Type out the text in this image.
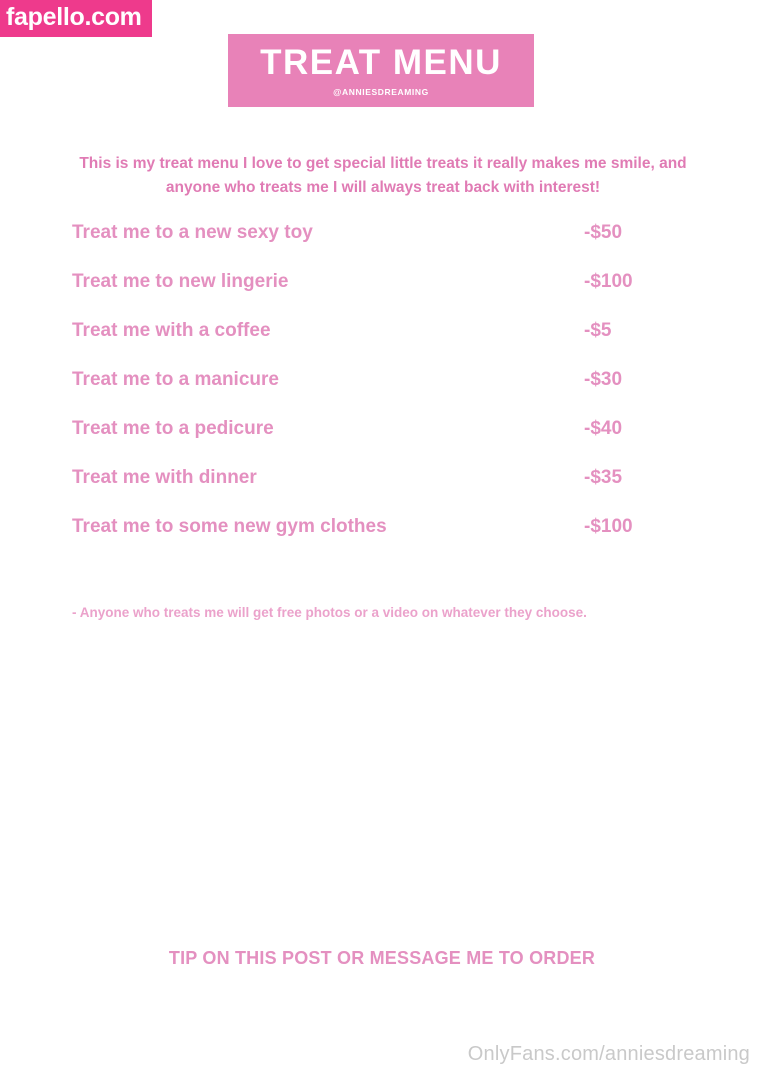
fapello.com
TREAT MENU
@ANNIESDREAMING
This is my treat menu I love to get special little treats it really makes me smile, and anyone who treats me I will always treat back with interest!
Treat me to a new sexy toy	-$50
Treat me to new lingerie	-$100
Treat me with a coffee	-$5
Treat me to a manicure	-$30
Treat me to a pedicure	-$40
Treat me with dinner	-$35
Treat me to some new gym clothes	-$100
- Anyone who treats me will get free photos or a video on whatever they choose.
TIP ON THIS POST OR MESSAGE ME TO ORDER
OnlyFans.com/anniesdreaming
